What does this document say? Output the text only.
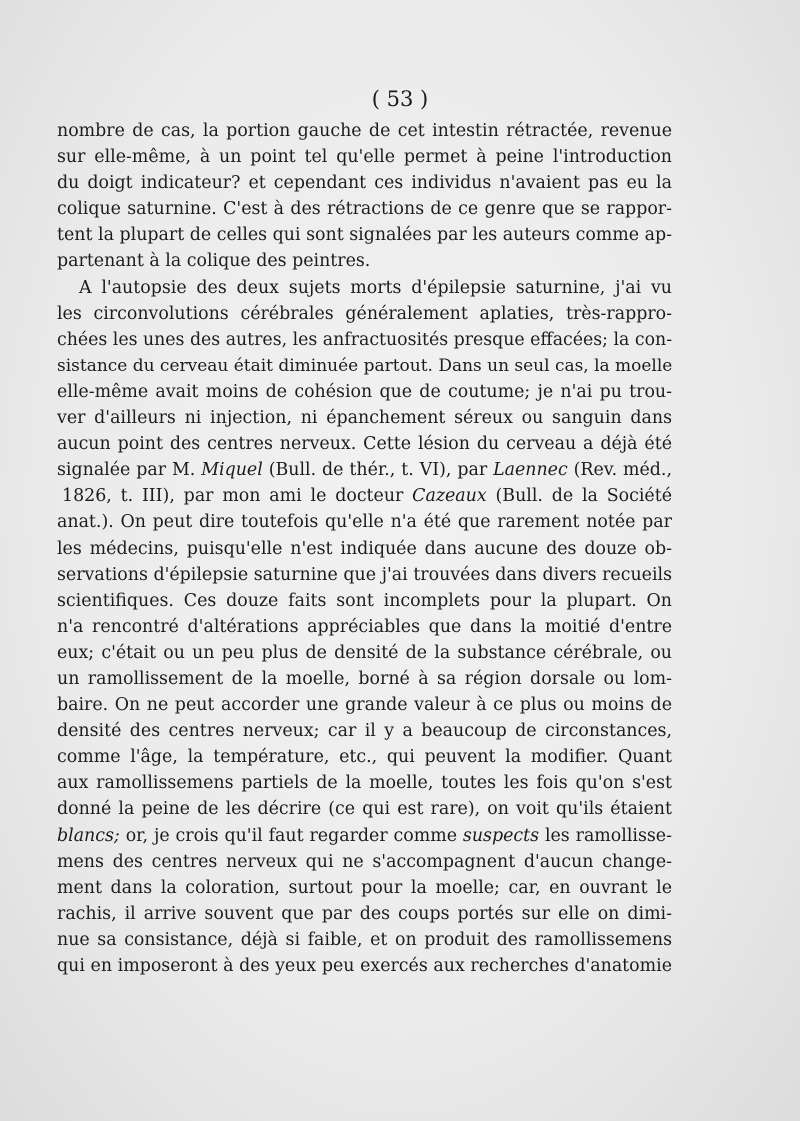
( 53 )
nombre de cas, la portion gauche de cet intestin rétractée, revenue
sur elle-même, à un point tel qu'elle permet à peine l'introduction
du doigt indicateur? et cependant ces individus n'avaient pas eu la
colique saturnine. C'est à des rétractions de ce genre que se rappor-
tent la plupart de celles qui sont signalées par les auteurs comme ap-
partenant à la colique des peintres.
A l'autopsie des deux sujets morts d'épilepsie saturnine, j'ai vu
les circonvolutions cérébrales généralement aplaties, très-rappro-
chées les unes des autres, les anfractuosités presque effacées; la con-
sistance du cerveau était diminuée partout. Dans un seul cas, la moelle
elle-même avait moins de cohésion que de coutume; je n'ai pu trou-
ver d'ailleurs ni injection, ni épanchement séreux ou sanguin dans
aucun point des centres nerveux. Cette lésion du cerveau a déjà été
signalée par M. Miquel (Bull. de thér., t. VI), par Laennec (Rev. méd.,
1826, t. III), par mon ami le docteur Cazeaux (Bull. de la Société
anat.). On peut dire toutefois qu'elle n'a été que rarement notée par
les médecins, puisqu'elle n'est indiquée dans aucune des douze ob-
servations d'épilepsie saturnine que j'ai trouvées dans divers recueils
scientifiques. Ces douze faits sont incomplets pour la plupart. On
n'a rencontré d'altérations appréciables que dans la moitié d'entre
eux; c'était ou un peu plus de densité de la substance cérébrale, ou
un ramollissement de la moelle, borné à sa région dorsale ou lom-
baire. On ne peut accorder une grande valeur à ce plus ou moins de
densité des centres nerveux; car il y a beaucoup de circonstances,
comme l'âge, la température, etc., qui peuvent la modifier. Quant
aux ramollissemens partiels de la moelle, toutes les fois qu'on s'est
donné la peine de les décrire (ce qui est rare), on voit qu'ils étaient
blancs; or, je crois qu'il faut regarder comme suspects les ramollisse-
mens des centres nerveux qui ne s'accompagnent d'aucun change-
ment dans la coloration, surtout pour la moelle; car, en ouvrant le
rachis, il arrive souvent que par des coups portés sur elle on dimi-
nue sa consistance, déjà si faible, et on produit des ramollissemens
qui en imposeront à des yeux peu exercés aux recherches d'anatomie
